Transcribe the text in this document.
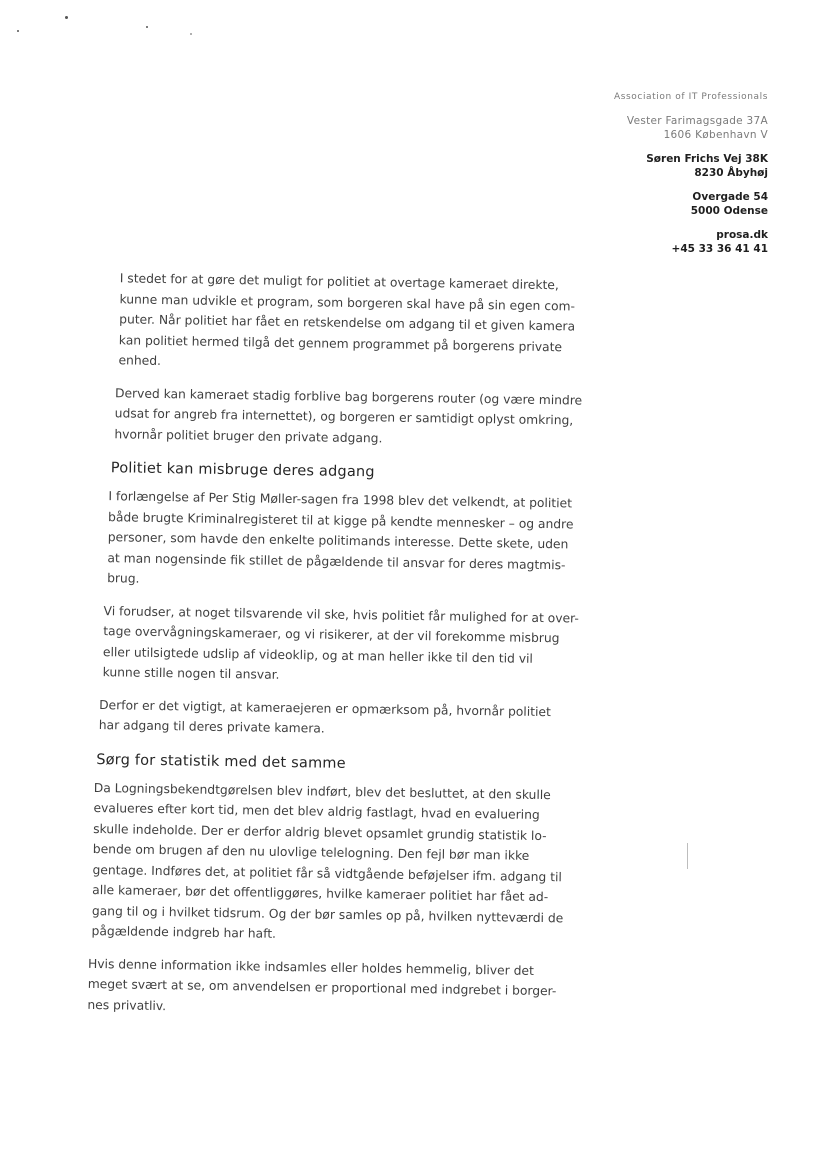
Association of IT Professionals
Vester Farimagsgade 37A
1606 København V
Søren Frichs Vej 38K
8230 Åbyhøj
Overgade 54
5000 Odense
prosa.dk
+45 33 36 41 41

I stedet for at gøre det muligt for politiet at overtage kameraet direkte,
kunne man udvikle et program, som borgeren skal have på sin egen com-
puter. Når politiet har fået en retskendelse om adgang til et given kamera
kan politiet hermed tilgå det gennem programmet på borgerens private
enhed.

Derved kan kameraet stadig forblive bag borgerens router (og være mindre
udsat for angreb fra internettet), og borgeren er samtidigt oplyst omkring,
hvornår politiet bruger den private adgang.

Politiet kan misbruge deres adgang

I forlængelse af Per Stig Møller-sagen fra 1998 blev det velkendt, at politiet
både brugte Kriminalregisteret til at kigge på kendte mennesker – og andre
personer, som havde den enkelte politimands interesse. Dette skete, uden
at man nogensinde fik stillet de pågældende til ansvar for deres magtmis-
brug.

Vi forudser, at noget tilsvarende vil ske, hvis politiet får mulighed for at over-
tage overvågningskameraer, og vi risikerer, at der vil forekomme misbrug
eller utilsigtede udslip af videoklip, og at man heller ikke til den tid vil
kunne stille nogen til ansvar.

Derfor er det vigtigt, at kameraejeren er opmærksom på, hvornår politiet
har adgang til deres private kamera.

Sørg for statistik med det samme

Da Logningsbekendtgørelsen blev indført, blev det besluttet, at den skulle
evalueres efter kort tid, men det blev aldrig fastlagt, hvad en evaluering
skulle indeholde. Der er derfor aldrig blevet opsamlet grundig statistik lo-
bende om brugen af den nu ulovlige telelogning. Den fejl bør man ikke
gentage. Indføres det, at politiet får så vidtgående beføjelser ifm. adgang til
alle kameraer, bør det offentliggøres, hvilke kameraer politiet har fået ad-
gang til og i hvilket tidsrum. Og der bør samles op på, hvilken nytteværdi de
pågældende indgreb har haft.

Hvis denne information ikke indsamles eller holdes hemmelig, bliver det
meget svært at se, om anvendelsen er proportional med indgrebet i borger-
nes privatliv.
